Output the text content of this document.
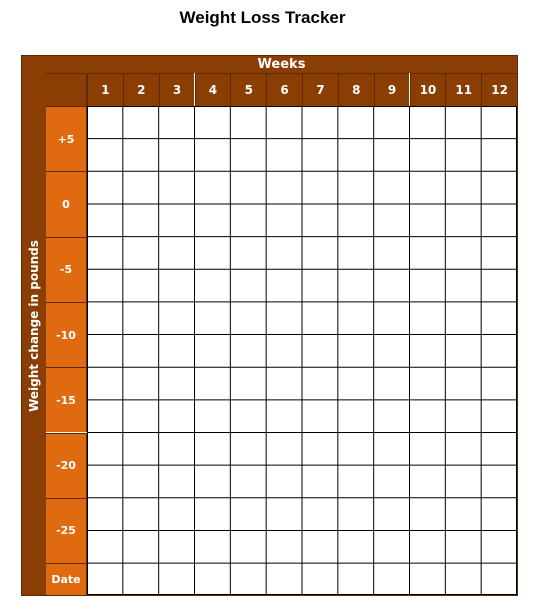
Weight Loss Tracker
Weight change in pounds
Weeks
1	2	3	4	5	6	7	8	9	10	11	12
+5
0
-5
-10
-15
-20
-25
Date
